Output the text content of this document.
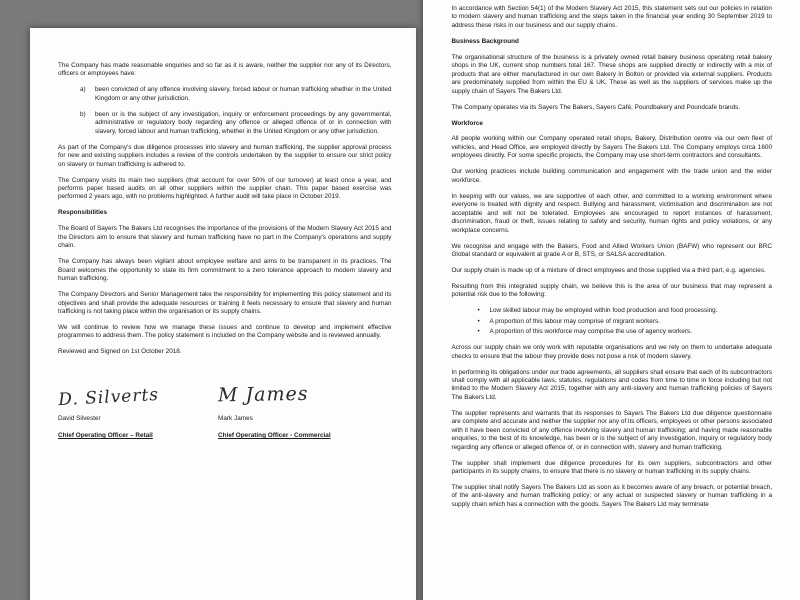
The Company has made reasonable enquiries and so far as it is aware, neither the supplier nor any of its Directors, officers or employees have:

a)	been convicted of any offence involving slavery, forced labour or human trafficking whether in the United Kingdom or any other jurisdiction.
b)	been or is the subject of any investigation, inquiry or enforcement proceedings by any governmental, administrative or regulatory body regarding any offence or alleged offence of or in connection with slavery, forced labour and human trafficking, whether in the United Kingdom or any other jurisdiction.

As part of the Company's due diligence processes into slavery and human trafficking, the supplier approval process for new and existing suppliers includes a review of the controls undertaken by the supplier to ensure our strict policy on slavery or human trafficking is adhered to.

The Company visits its main two suppliers (that account for over 50% of our turnover) at least once a year, and performs paper based audits on all other suppliers within the supplier chain. This paper based exercise was performed 2 years ago, with no problems highlighted. A further audit will take place in October 2019.

Responsibilities

The Board of Sayers The Bakers Ltd recognises the importance of the provisions of the Modern Slavery Act 2015 and the Directors aim to ensure that slavery and human trafficking have no part in the Company's operations and supply chain.

The Company has always been vigilant about employee welfare and aims to be transparent in its practices. The Board welcomes the opportunity to state its firm commitment to a zero tolerance approach to modern slavery and human trafficking.

The Company Directors and Senior Management take the responsibility for implementing this policy statement and its objectives and shall provide the adequate resources or training it feels necessary to ensure that slavery and human trafficking is not taking place within the organisation or its supply chains.

We will continue to review how we manage these issues and continue to develop and implement effective programmes to address them. The policy statement is included on the Company website and is reviewed annually.

Reviewed and Signed on 1st October 2018.

D. Silverts
David Silvester
Chief Operating Officer – Retail
M James
Mark James
Chief Operating Officer - Commercial

In accordance with Section 54(1) of the Modern Slavery Act 2015, this statement sets out our policies in relation to modern slavery and human trafficking and the steps taken in the financial year ending 30 September 2019 to address these risks in our business and our supply chains.

Business Background

The organisational structure of the business is a privately owned retail bakery business operating retail bakery shops in the UK, current shop numbers total 167. These shops are supplied directly or indirectly with a mix of products that are either manufactured in our own Bakery in Bolton or provided via external suppliers. Products are predominately supplied from within the EU & UK. These as well as the suppliers of services make up the supply chain of Sayers The Bakers Ltd.

The Company operates via its Sayers The Bakers, Sayers Café, Poundbakery and Poundcafe brands.

Workforce

All people working within our Company operated retail shops, Bakery, Distribution centre via our own fleet of vehicles, and Head Office, are employed directly by Sayers The Bakers Ltd. The Company employs circa 1600 employees directly. For some specific projects, the Company may use short-term contractors and consultants.

Our working practices include building communication and engagement with the trade union and the wider workforce.

In keeping with our values, we are supportive of each other, and committed to a working environment where everyone is treated with dignity and respect. Bullying and harassment, victimisation and discrimination are not acceptable and will not be tolerated. Employees are encouraged to report instances of harassment, discrimination, fraud or theft, issues relating to safety and security, human rights and policy violations, or any workplace concerns.

We recognise and engage with the Bakers, Food and Allied Workers Union (BAFW) who represent our BRC Global standard or equivalent at grade A or B, STS, or SALSA accreditation.

Our supply chain is made up of a mixture of direct employees and those supplied via a third part, e.g. agencies.

Resulting from this integrated supply chain, we believe this is the area of our business that may represent a potential risk due to the following:

•	Low skilled labour may be employed within food production and food processing.
•	A proportion of this labour may comprise of migrant workers.
•	A proportion of this workforce may comprise the use of agency workers.

Across our supply chain we only work with reputable organisations and we rely on them to undertake adequate checks to ensure that the labour they provide does not pose a risk of modern slavery.

In performing its obligations under our trade agreements, all suppliers shall ensure that each of its subcontractors shall comply with all applicable laws, statutes, regulations and codes from time to time in force including but not limited to the Modern Slavery Act 2015, together with any anti-slavery and human trafficking policies of Sayers The Bakers Ltd.

The supplier represents and warrants that its responses to Sayers The Bakers Ltd due diligence questionnaire are complete and accurate and neither the supplier nor any of its officers, employees or other persons associated with it have been convicted of any offence involving slavery and human trafficking; and having made reasonable enquiries, to the best of its knowledge, has been or is the subject of any investigation, inquiry or regulatory body regarding any offence or alleged offence of, or in connection with, slavery and human trafficking.

The supplier shall implement due diligence procedures for its own suppliers, subcontractors and other participants in its supply chains, to ensure that there is no slavery or human trafficking in its supply chains.

The supplier shall notify Sayers The Bakers Ltd as soon as it becomes aware of any breach, or potential breach, of the anti-slavery and human trafficking policy; or any actual or suspected slavery or human trafficking in a supply chain which has a connection with the goods. Sayers The Bakers Ltd may terminate
